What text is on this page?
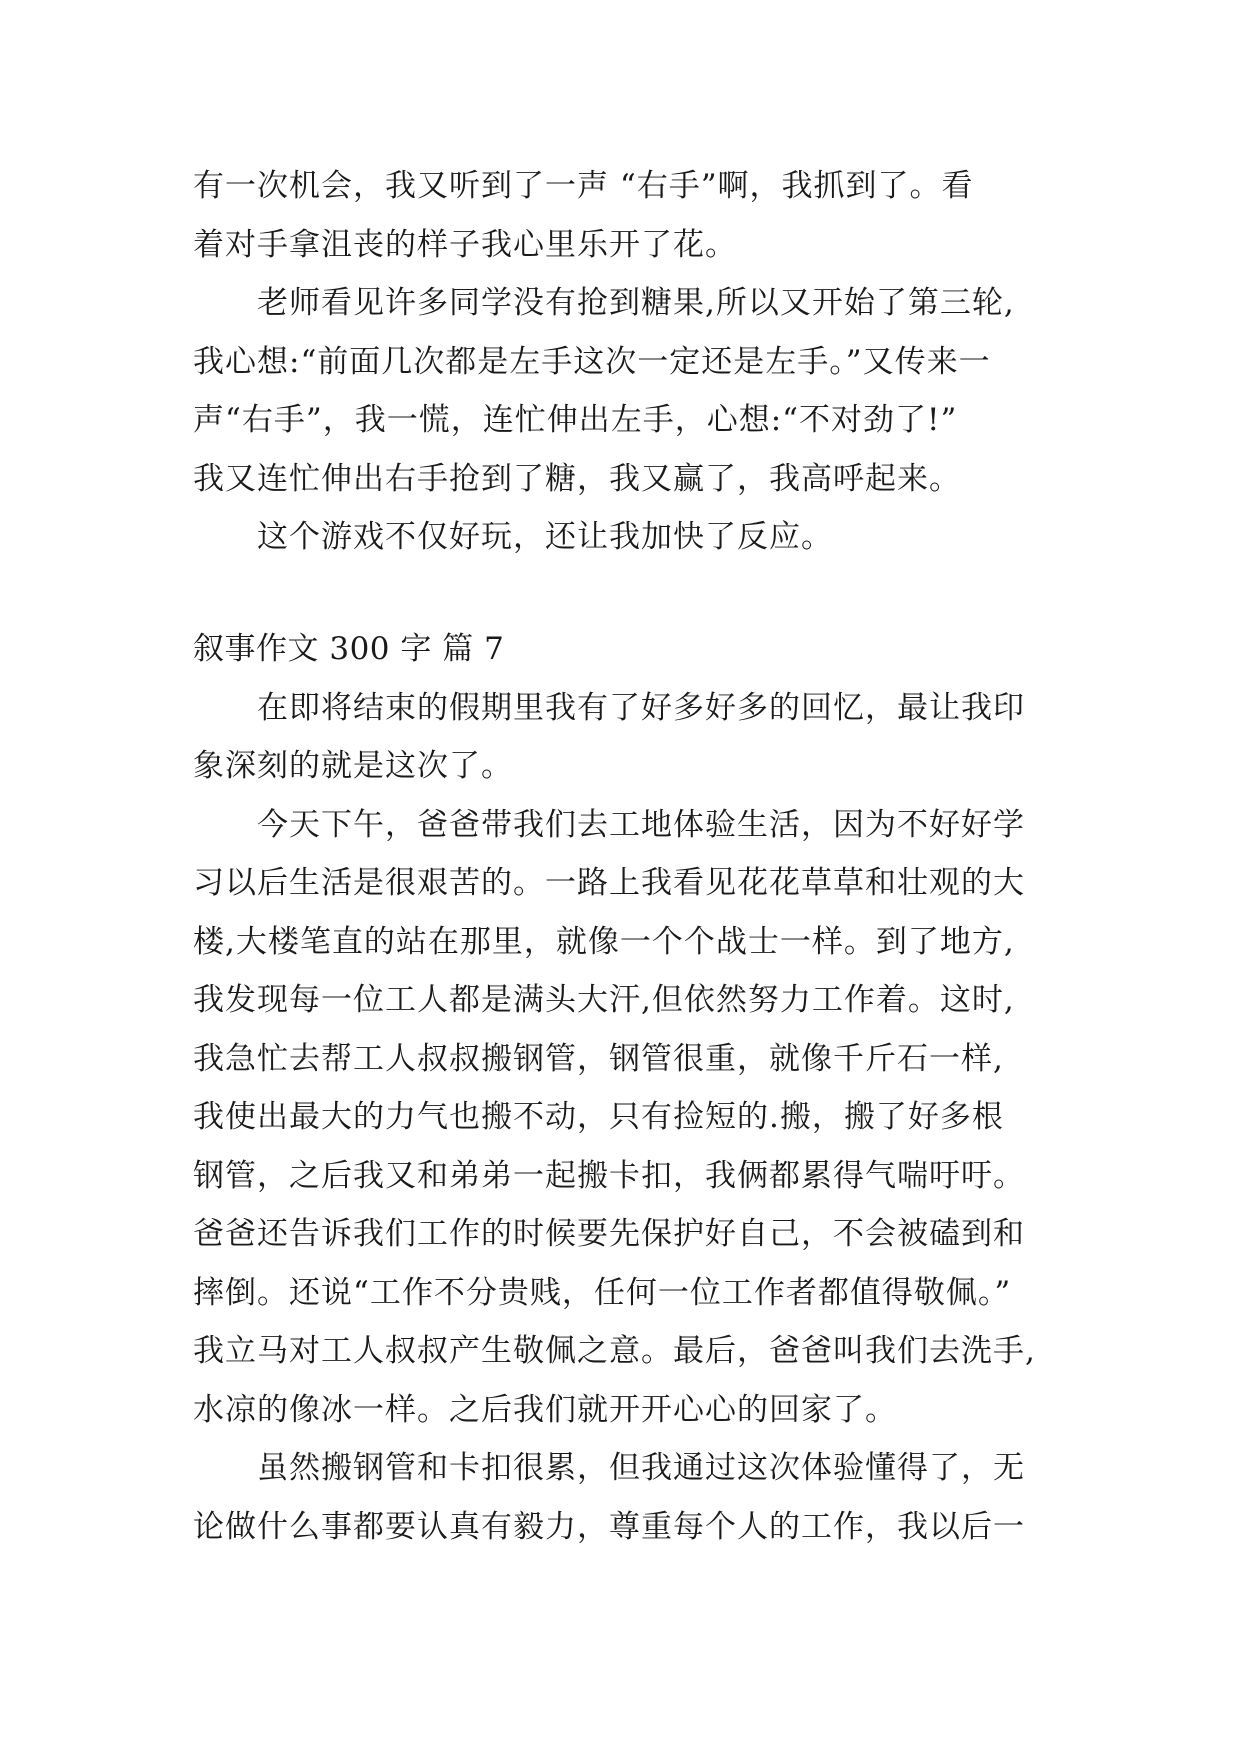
有一次机会，我又听到了一声 “右手”啊，我抓到了。看
着对手拿沮丧的样子我心里乐开了花。
老师看见许多同学没有抢到糖果,所以又开始了第三轮,
我心想:“前面几次都是左手这次一定还是左手。”又传来一
声“右手”，我一慌，连忙伸出左手，心想:“不对劲了!”
我又连忙伸出右手抢到了糖，我又赢了，我高呼起来。
这个游戏不仅好玩，还让我加快了反应。
叙事作文 300 字 篇 7
在即将结束的假期里我有了好多好多的回忆，最让我印
象深刻的就是这次了。
今天下午，爸爸带我们去工地体验生活，因为不好好学
习以后生活是很艰苦的。一路上我看见花花草草和壮观的大
楼,大楼笔直的站在那里，就像一个个战士一样。到了地方,
我发现每一位工人都是满头大汗,但依然努力工作着。这时,
我急忙去帮工人叔叔搬钢管，钢管很重，就像千斤石一样,
我使出最大的力气也搬不动，只有捡短的.搬，搬了好多根
钢管，之后我又和弟弟一起搬卡扣，我俩都累得气喘吁吁。
爸爸还告诉我们工作的时候要先保护好自己，不会被磕到和
摔倒。还说“工作不分贵贱，任何一位工作者都值得敬佩。”
我立马对工人叔叔产生敬佩之意。最后，爸爸叫我们去洗手,
水凉的像冰一样。之后我们就开开心心的回家了。
虽然搬钢管和卡扣很累，但我通过这次体验懂得了，无
论做什么事都要认真有毅力，尊重每个人的工作，我以后一
